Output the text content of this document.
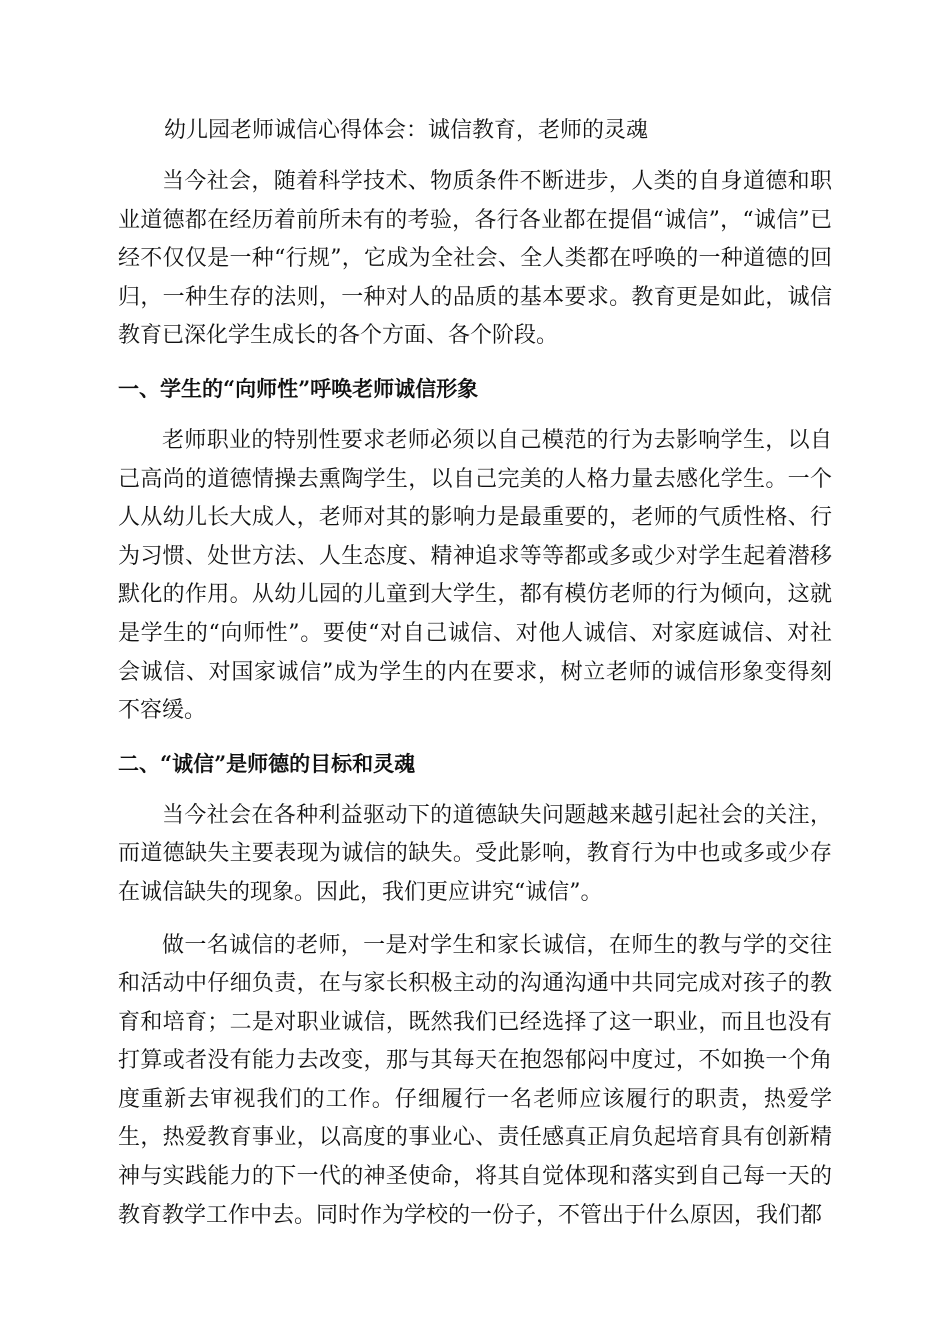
幼儿园老师诚信心得体会：诚信教育，老师的灵魂

当今社会，随着科学技术、物质条件不断进步，人类的自身道德和职业道德都在经历着前所未有的考验，各行各业都在提倡“诚信”，“诚信”已经不仅仅是一种“行规”，它成为全社会、全人类都在呼唤的一种道德的回归，一种生存的法则，一种对人的品质的基本要求。教育更是如此，诚信教育已深化学生成长的各个方面、各个阶段。

一、学生的“向师性”呼唤老师诚信形象

老师职业的特别性要求老师必须以自己模范的行为去影响学生，以自己高尚的道德情操去熏陶学生，以自己完美的人格力量去感化学生。一个人从幼儿长大成人，老师对其的影响力是最重要的，老师的气质性格、行为习惯、处世方法、人生态度、精神追求等等都或多或少对学生起着潜移默化的作用。从幼儿园的儿童到大学生，都有模仿老师的行为倾向，这就是学生的“向师性”。要使“对自己诚信、对他人诚信、对家庭诚信、对社会诚信、对国家诚信”成为学生的内在要求，树立老师的诚信形象变得刻不容缓。

二、“诚信”是师德的目标和灵魂

当今社会在各种利益驱动下的道德缺失问题越来越引起社会的关注，而道德缺失主要表现为诚信的缺失。受此影响，教育行为中也或多或少存在诚信缺失的现象。因此，我们更应讲究“诚信”。

做一名诚信的老师，一是对学生和家长诚信，在师生的教与学的交往和活动中仔细负责，在与家长积极主动的沟通沟通中共同完成对孩子的教育和培育；二是对职业诚信，既然我们已经选择了这一职业，而且也没有打算或者没有能力去改变，那与其每天在抱怨郁闷中度过，不如换一个角度重新去审视我们的工作。仔细履行一名老师应该履行的职责，热爱学生，热爱教育事业，以高度的事业心、责任感真正肩负起培育具有创新精神与实践能力的下一代的神圣使命，将其自觉体现和落实到自己每一天的教育教学工作中去。同时作为学校的一份子，不管出于什么原因，我们都
